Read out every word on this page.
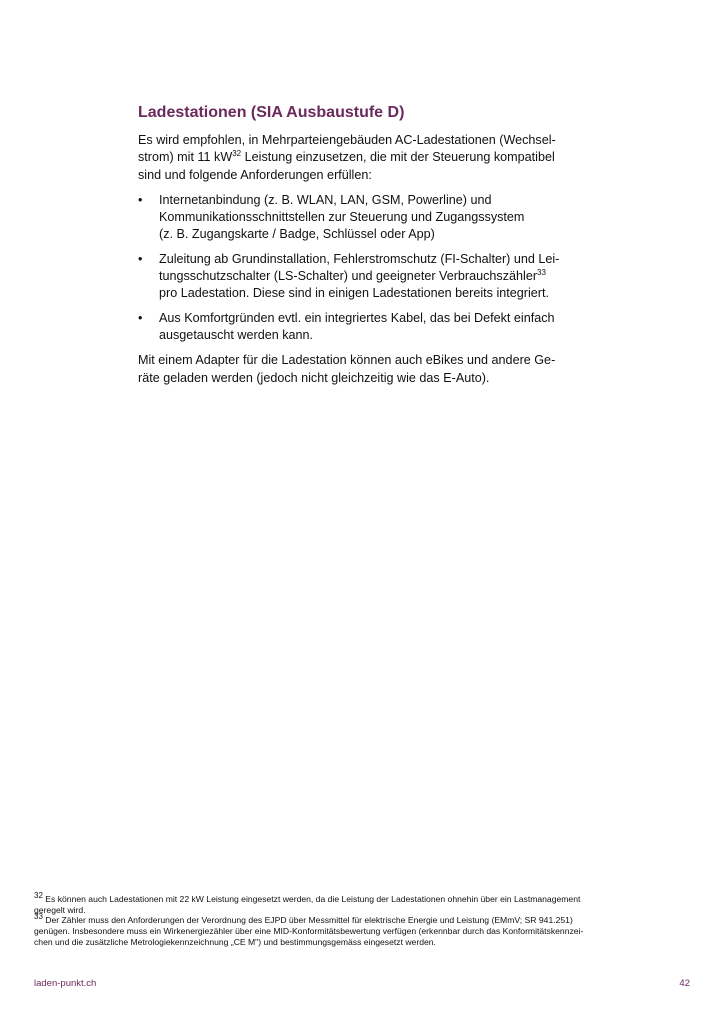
Ladestationen (SIA Ausbaustufe D)

Es wird empfohlen, in Mehrparteiengebäuden AC-Ladestationen (Wechsel-
strom) mit 11 $kW^{32}$ Leistung einzusetzen, die mit der Steuerung kompatibel
sind und folgende Anforderungen erfüllen:

• Internetanbindung (z. B. WLAN, LAN, GSM, Powerline) und
Kommunikationsschnittstellen zur Steuerung und Zugangssystem
(z. B. Zugangskarte / Badge, Schlüssel oder App)
• Zuleitung ab Grundinstallation, Fehlerstromschutz (FI-Schalter) und Lei-
tungsschutzschalter (LS-Schalter) und geeigneter Verbrauchszähler$^{33}$
pro Ladestation. Diese sind in einigen Ladestationen bereits integriert.
• Aus Komfortgründen evtl. ein integriertes Kabel, das bei Defekt einfach
ausgetauscht werden kann.

Mit einem Adapter für die Ladestation können auch eBikes und andere Ge-
räte geladen werden (jedoch nicht gleichzeitig wie das E-Auto).

$^{32}$ Es können auch Ladestationen mit 22 kW Leistung eingesetzt werden, da die Leistung der Ladestationen ohnehin über ein Lastmanagement
geregelt wird.

$^{33}$ Der Zähler muss den Anforderungen der Verordnung des EJPD über Messmittel für elektrische Energie und Leistung (EMmV; SR 941.251)
genügen. Insbesondere muss ein Wirkenergiezähler über eine MID-Konformitätsbewertung verfügen (erkennbar durch das Konformitätskennzei-
chen und die zusätzliche Metrologiekennzeichnung „CE M") und bestimmungsgemäss eingesetzt werden.

laden-punkt.ch	42
